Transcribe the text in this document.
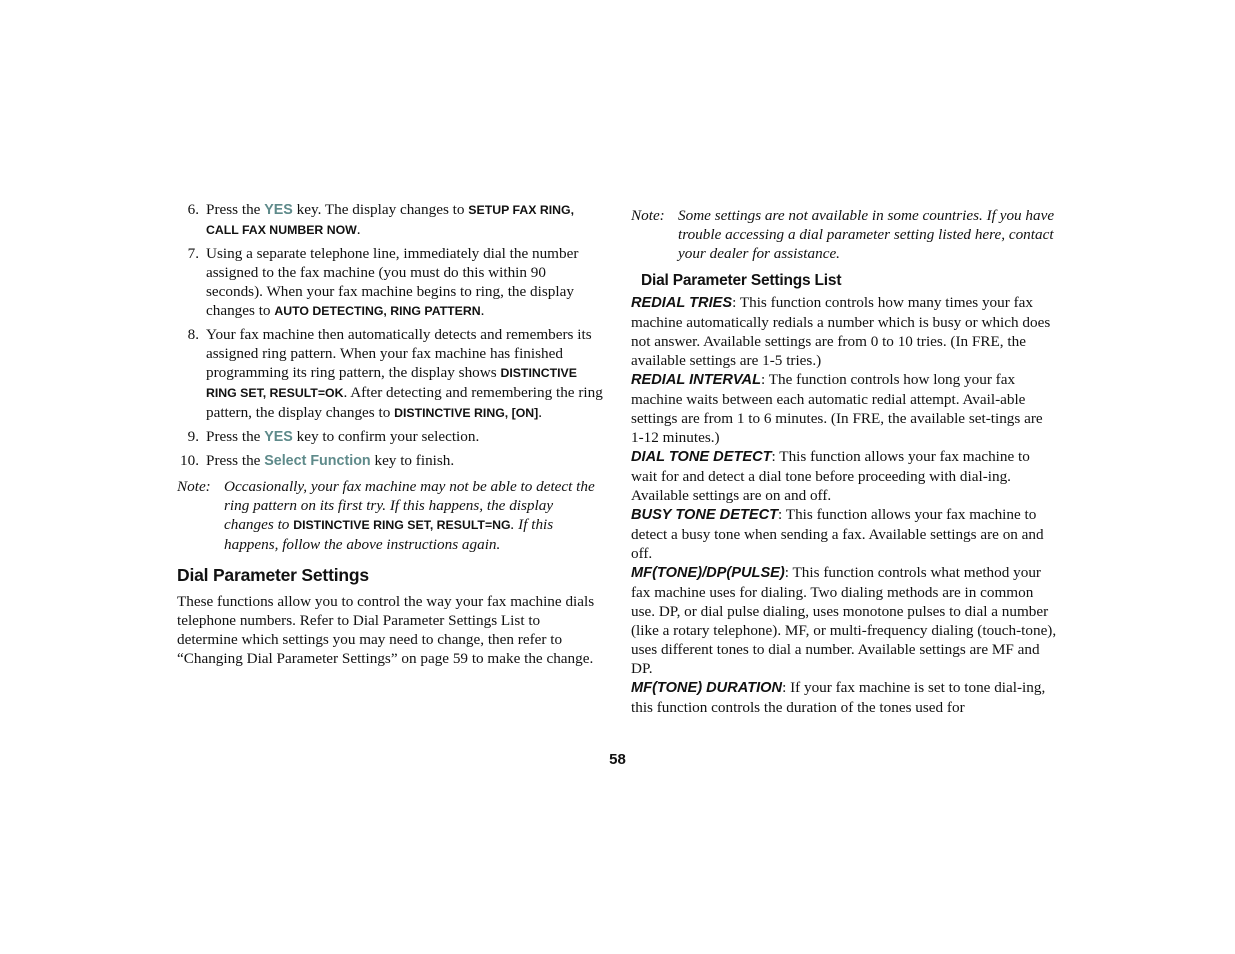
6. Press the YES key. The display changes to SETUP FAX RING, CALL FAX NUMBER NOW.
7. Using a separate telephone line, immediately dial the number assigned to the fax machine (you must do this within 90 seconds). When your fax machine begins to ring, the display changes to AUTO DETECTING, RING PATTERN.
8. Your fax machine then automatically detects and remembers its assigned ring pattern. When your fax machine has finished programming its ring pattern, the display shows DISTINCTIVE RING SET, RESULT=OK. After detecting and remembering the ring pattern, the display changes to DISTINCTIVE RING, [ON].
9. Press the YES key to confirm your selection.
10. Press the Select Function key to finish.
Note: Occasionally, your fax machine may not be able to detect the ring pattern on its first try. If this happens, the display changes to DISTINCTIVE RING SET, RESULT=NG. If this happens, follow the above instructions again.
Dial Parameter Settings

These functions allow you to control the way your fax machine dials telephone numbers. Refer to Dial Parameter Settings List to determine which settings you may need to change, then refer to “Changing Dial Parameter Settings” on page 59 to make the change.

Note: Some settings are not available in some countries. If you have trouble accessing a dial parameter setting listed here, contact your dealer for assistance.
Dial Parameter Settings List

REDIAL TRIES: This function controls how many times your fax machine automatically redials a number which is busy or which does not answer. Available settings are from 0 to 10 tries. (In FRE, the available settings are 1-5 tries.)

REDIAL INTERVAL: The function controls how long your fax machine waits between each automatic redial attempt. Avail-able settings are from 1 to 6 minutes. (In FRE, the available set-tings are 1-12 minutes.)

DIAL TONE DETECT: This function allows your fax machine to wait for and detect a dial tone before proceeding with dial-ing. Available settings are on and off.

BUSY TONE DETECT: This function allows your fax machine to detect a busy tone when sending a fax. Available settings are on and off.

MF(TONE)/DP(PULSE): This function controls what method your fax machine uses for dialing. Two dialing methods are in common use. DP, or dial pulse dialing, uses monotone pulses to dial a number (like a rotary telephone). MF, or multi-frequency dialing (touch-tone), uses different tones to dial a number. Available settings are MF and DP.

MF(TONE) DURATION: If your fax machine is set to tone dial-ing, this function controls the duration of the tones used for

58
